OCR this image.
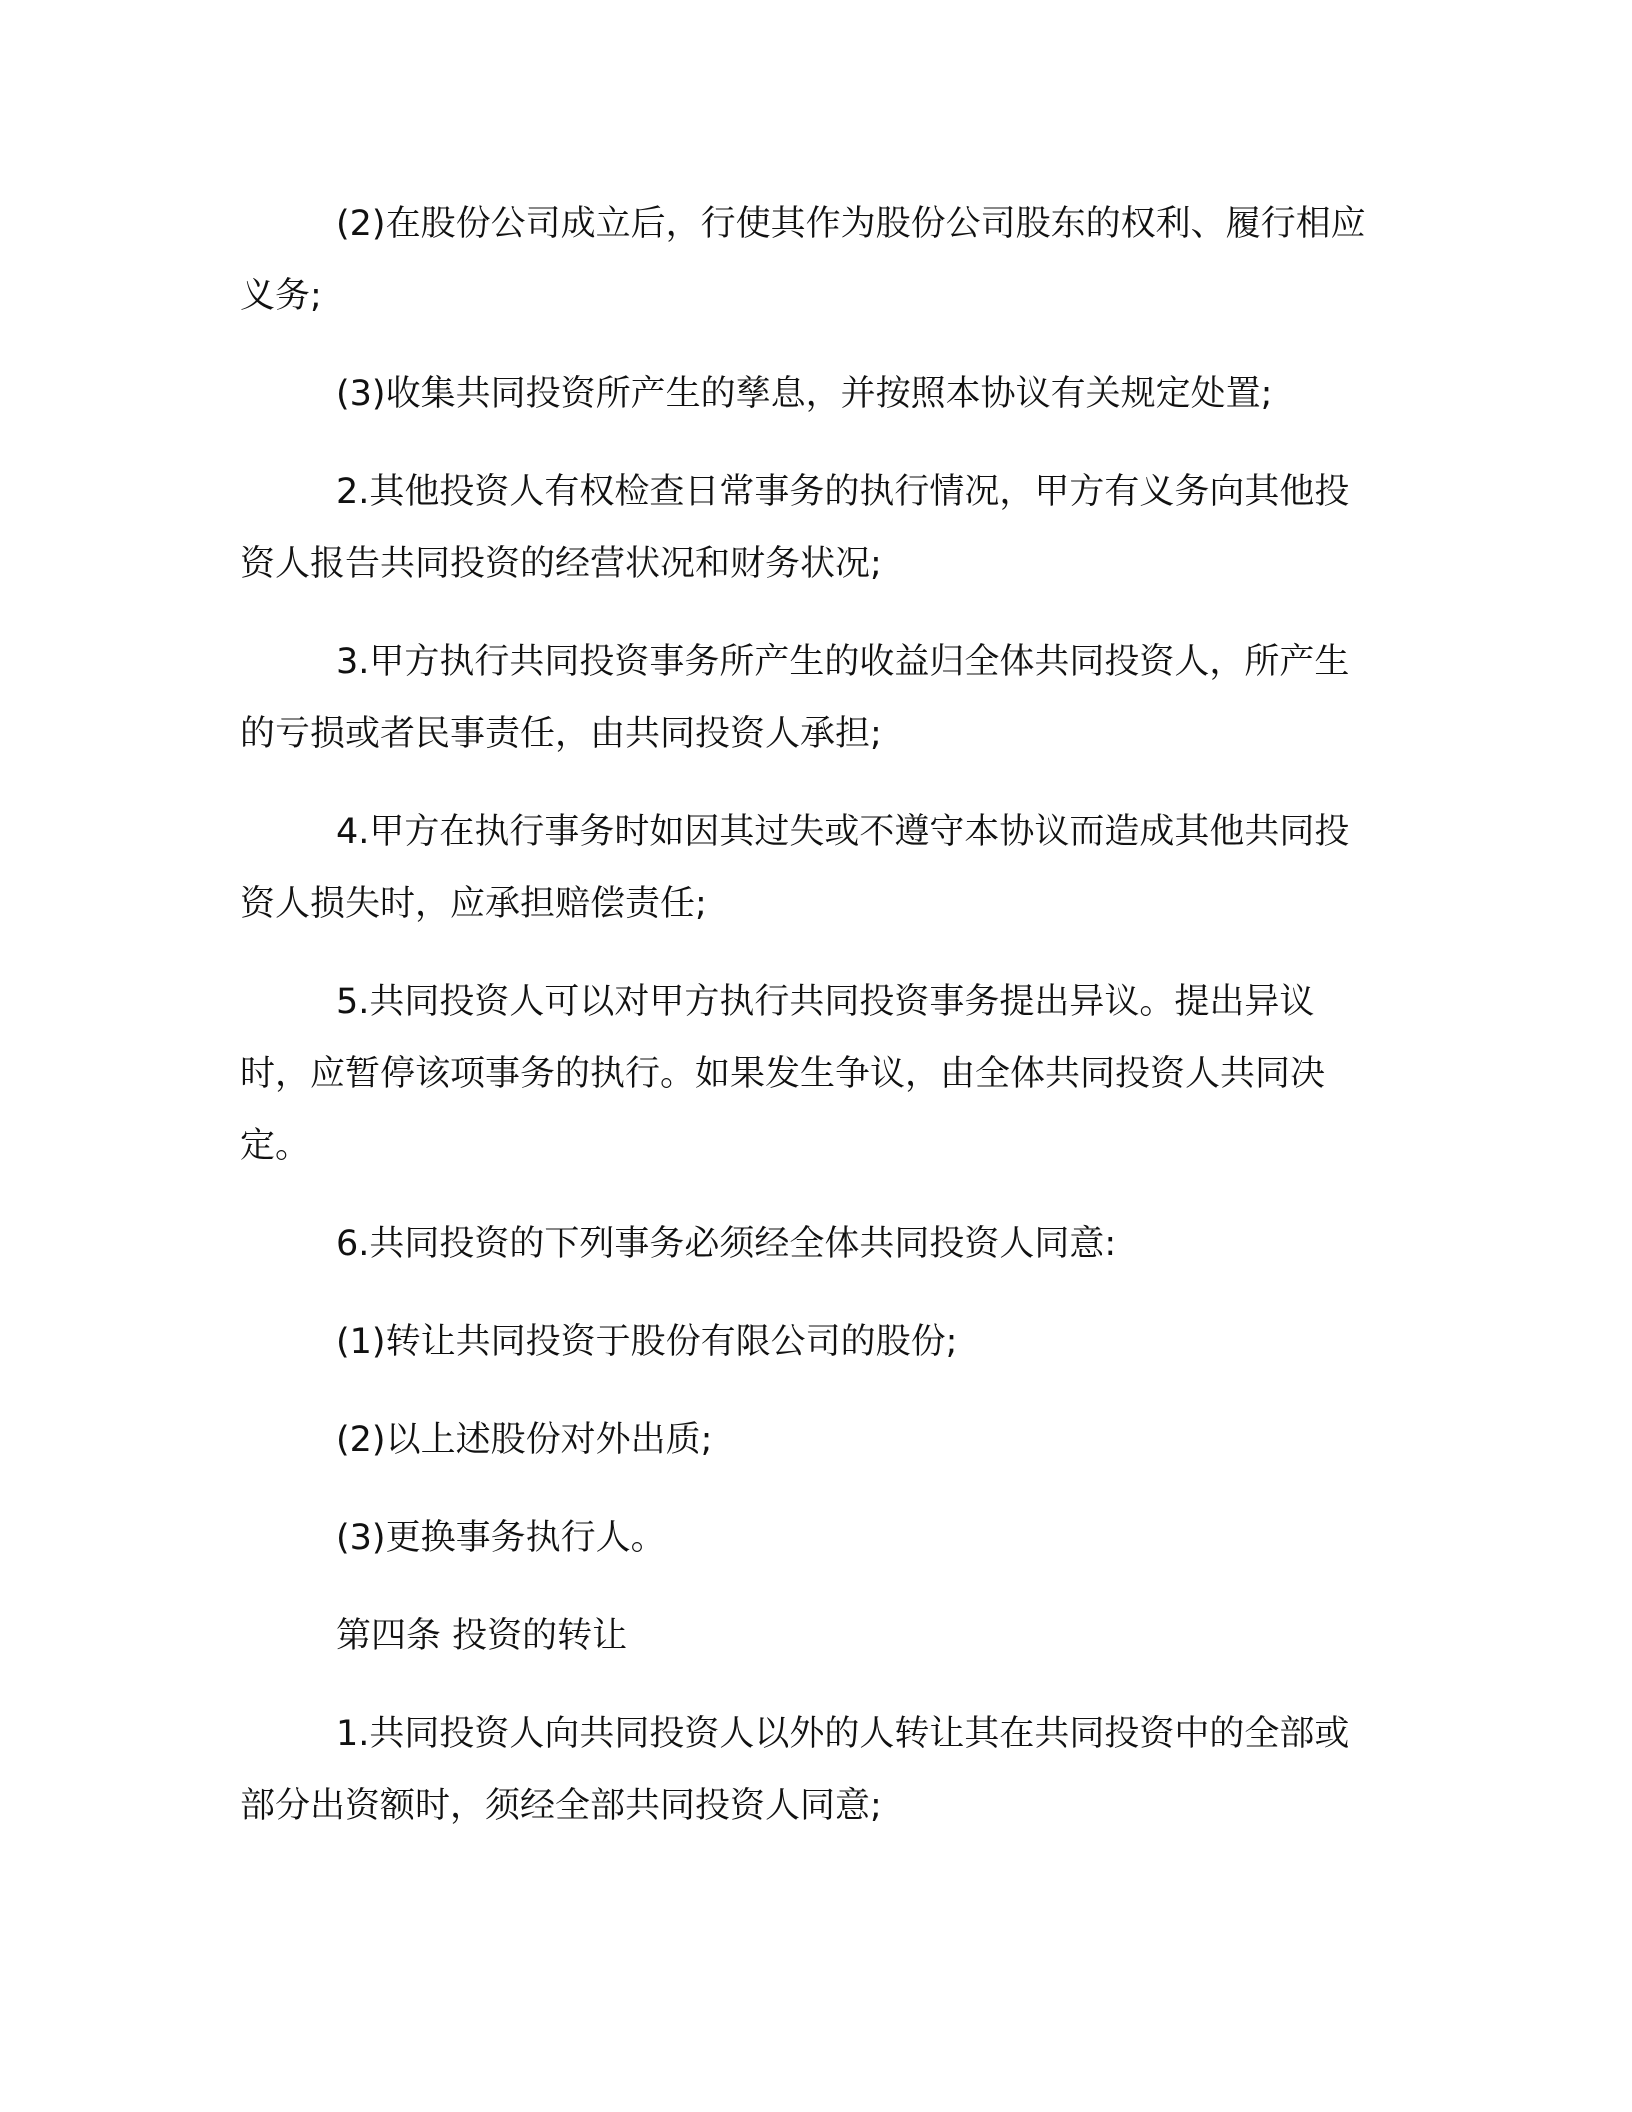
(2)在股份公司成立后，行使其作为股份公司股东的权利、履行相应义务;

(3)收集共同投资所产生的孳息，并按照本协议有关规定处置;

2.其他投资人有权检查日常事务的执行情况，甲方有义务向其他投资人报告共同投资的经营状况和财务状况;

3.甲方执行共同投资事务所产生的收益归全体共同投资人，所产生的亏损或者民事责任，由共同投资人承担;

4.甲方在执行事务时如因其过失或不遵守本协议而造成其他共同投资人损失时，应承担赔偿责任;

5.共同投资人可以对甲方执行共同投资事务提出异议。提出异议时，应暂停该项事务的执行。如果发生争议，由全体共同投资人共同决定。

6.共同投资的下列事务必须经全体共同投资人同意:

(1)转让共同投资于股份有限公司的股份;

(2)以上述股份对外出质;

(3)更换事务执行人。

第四条 投资的转让

1.共同投资人向共同投资人以外的人转让其在共同投资中的全部或部分出资额时，须经全部共同投资人同意;
